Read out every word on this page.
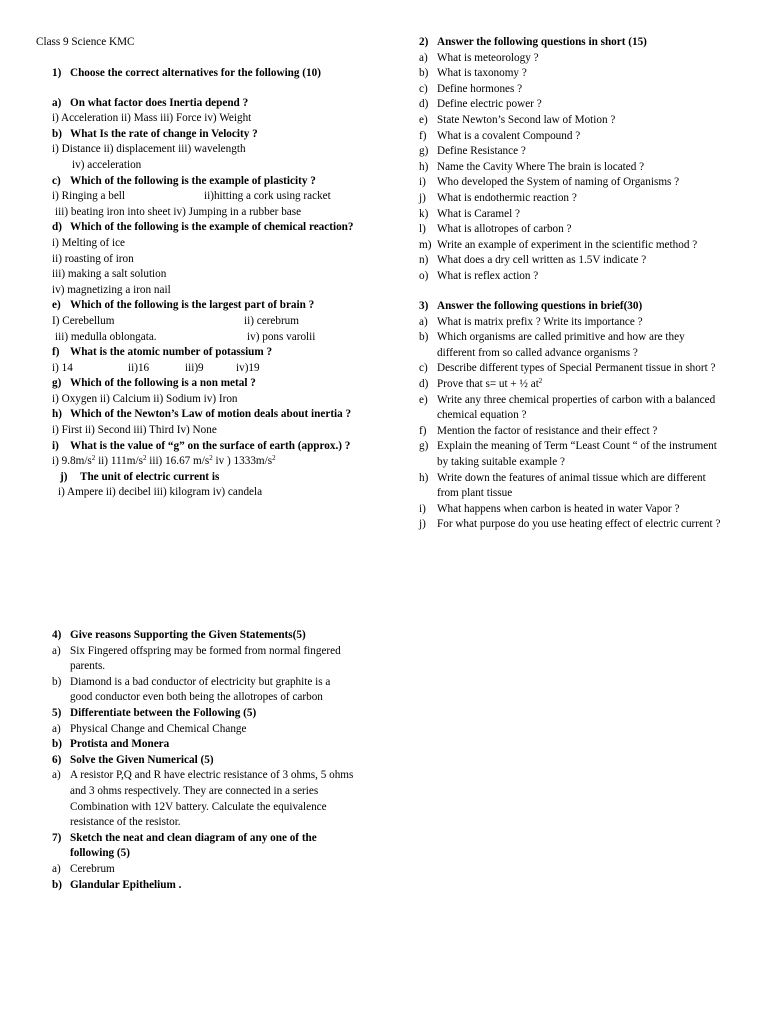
Class 9 Science KMC
1) Choose the correct alternatives for the following (10)
a) On what factor does Inertia depend ?
i) Acceleration ii) Mass iii) Force iv) Weight
b) What Is the rate of change in Velocity ?
i) Distance ii) displacement iii) wavelength
iv) acceleration
c) Which of the following is the example of plasticity ?
i) Ringing a bell	ii)hitting a cork using racket
iii) beating iron into sheet iv) Jumping in a rubber base
d) Which of the following is the example of chemical reaction?
i) Melting of ice
ii) roasting of iron
iii) making a salt solution
iv) magnetizing a iron nail
e) Which of the following is the largest part of brain ?
I) Cerebellum	ii) cerebrum
iii) medulla oblongata.	iv) pons varolii
f) What is the atomic number of potassium ?
i) 14	ii)16	iii)9	iv)19
g) Which of the following is a non metal ?
i) Oxygen ii) Calcium ii) Sodium iv) Iron
h) Which of the Newton’s Law of motion deals about inertia ?
i) First ii) Second iii) Third Iv) None
i) What is the value of “g” on the surface of earth (approx.) ?
i) $9.8m/s^2$ ii) $111m/s^2$ iii) 16.67 $m/s^2$ iv ) $1333m/s^2$
j)	The unit of electric current is
i) Ampere ii) decibel iii) kilogram iv) candela
2) Answer the following questions in short (15)
a) What is meteorology ?
b) What is taxonomy ?
c) Define hormones ?
d) Define electric power ?
e) State Newton’s Second law of Motion ?
f) What is a covalent Compound ?
g) Define Resistance ?
h) Name the Cavity Where The brain is located ?
i) Who developed the System of naming of Organisms ?
j) What is endothermic reaction ?
k) What is Caramel ?
l) What is allotropes of carbon ?
m) Write an example of experiment in the scientific method ?
n) What does a dry cell written as 1.5V indicate ?
o) What is reflex action ?
3) Answer the following questions in brief(30)
a) What is matrix prefix ? Write its importance ?
b) Which organisms are called primitive and how are they
different from so called advance organisms ?
c) Describe different types of Special Permanent tissue in short ?
d) Prove that s= ut + ½ $at^2$
e) Write any three chemical properties of carbon with a balanced
chemical equation ?
f) Mention the factor of resistance and their effect ?
g) Explain the meaning of Term “Least Count “ of the instrument
by taking suitable example ?
h) Write down the features of animal tissue which are different
from plant tissue
i) What happens when carbon is heated in water Vapor ?
j) For what purpose do you use heating effect of electric current ?
4) Give reasons Supporting the Given Statements(5)
a) Six Fingered offspring may be formed from normal fingered
parents.
b) Diamond is a bad conductor of electricity but graphite is a
good conductor even both being the allotropes of carbon
5) Differentiate between the Following (5)
a) Physical Change and Chemical Change
b) Protista and Monera
6) Solve the Given Numerical (5)
a) A resistor P,Q and R have electric resistance of 3 ohms, 5 ohms
and 3 ohms respectively. They are connected in a series
Combination with 12V battery. Calculate the equivalence
resistance of the resistor.
7) Sketch the neat and clean diagram of any one of the
following (5)
a) Cerebrum
b) Glandular Epithelium .
